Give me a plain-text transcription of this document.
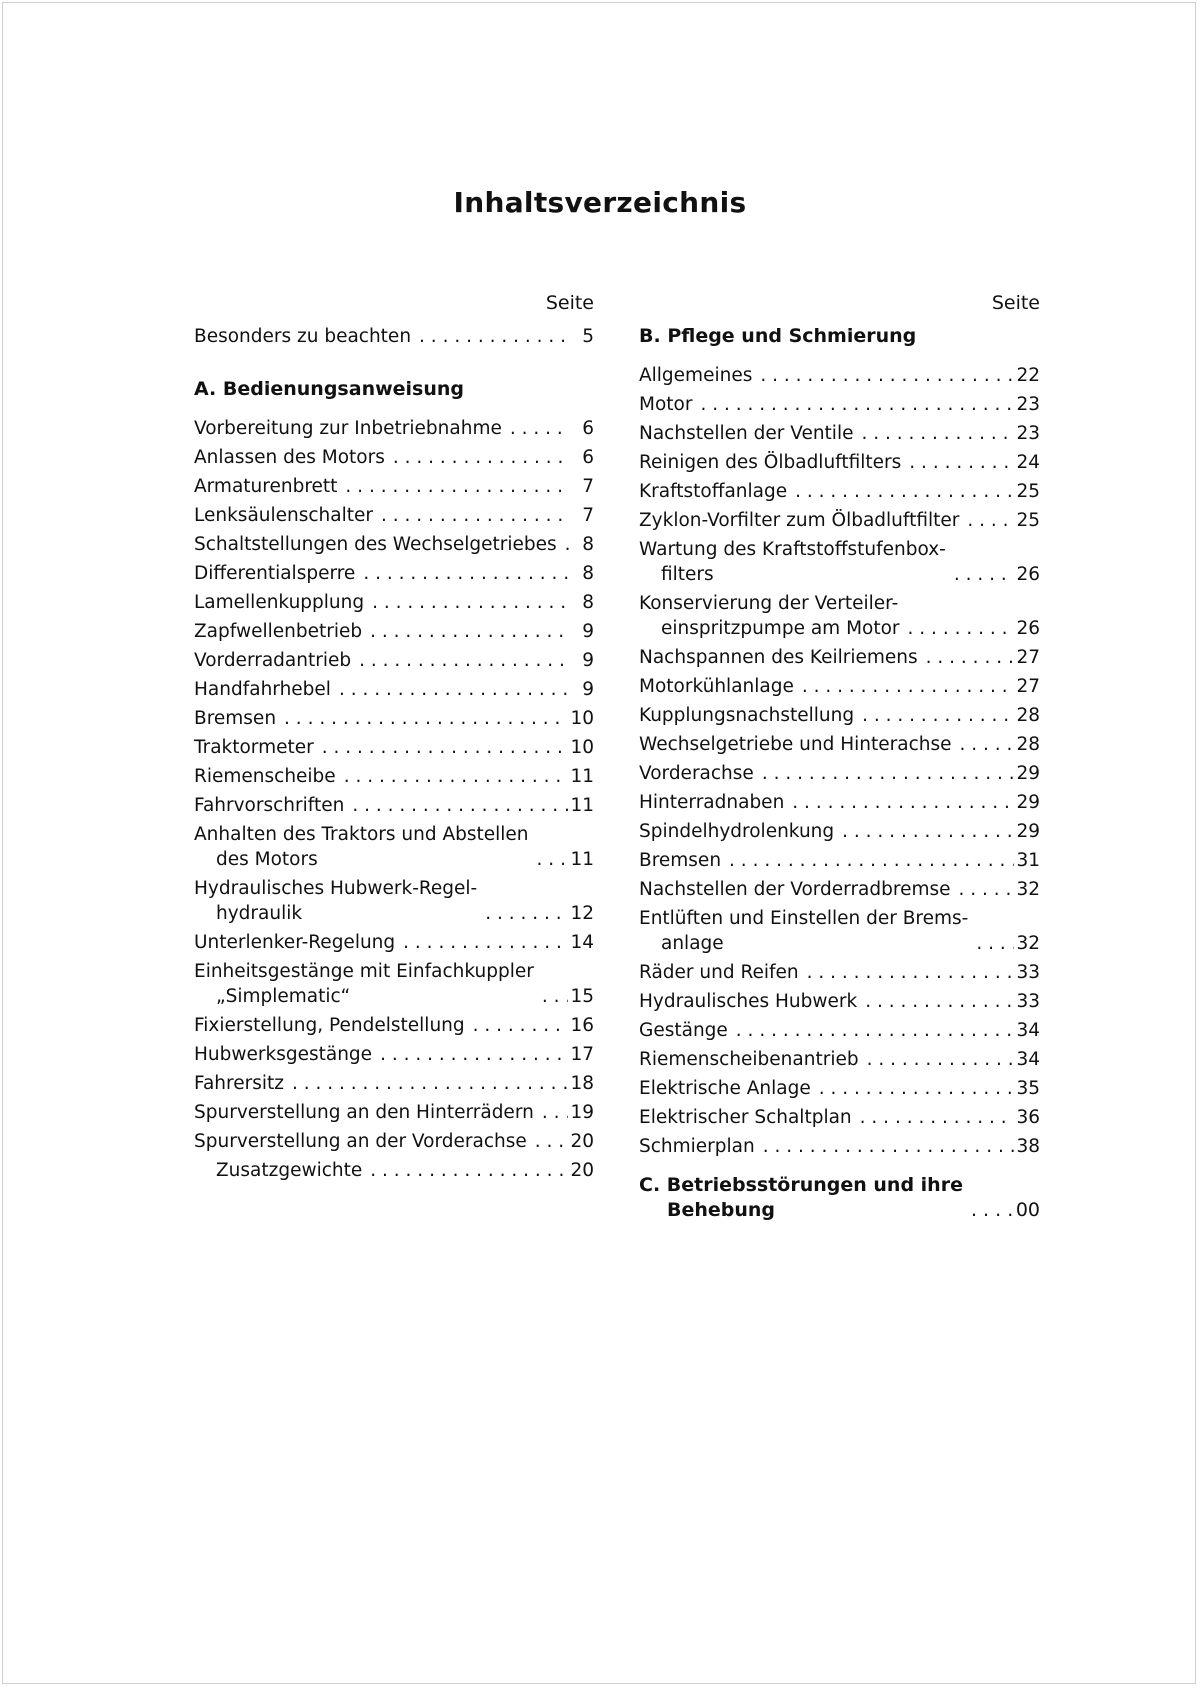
Inhaltsverzeichnis
Seite
Besonders zu beachten . . .	5
A. Bedienungsanweisung
Vorbereitung zur Inbetriebnahme . . .	6
Anlassen des Motors . . .	6
Armaturenbrett . . .	7
Lenksäulenschalter . . .	7
Schaltstellungen des Wechselgetriebes . . .	8
Differentialsperre . . .	8
Lamellenkupplung . . .	8
Zapfwellenbetrieb . . .	9
Vorderradantrieb . . .	9
Handfahrhebel . . .	9
Bremsen . . .	10
Traktormeter . . .	10
Riemenscheibe . . .	11
Fahrvorschriften . . .	11
Anhalten des Traktors und Abstellen
des Motors . . .	11
Hydraulisches Hubwerk-Regel-
hydraulik . . .	12
Unterlenker-Regelung . . .	14
Einheitsgestänge mit Einfachkuppler
„Simplematic“ . . .	15
Fixierstellung, Pendelstellung . . .	16
Hubwerksgestänge . . .	17
Fahrersitz . . .	18
Spurverstellung an den Hinterrädern . . . 19
Spurverstellung an der Vorderachse . . . 20
Zusatzgewichte . . .	20
Seite
B. Pflege und Schmierung
Allgemeines . . .	22
Motor . . .	23
Nachstellen der Ventile . . .	23
Reinigen des Ölbadluftfilters . . .	24
Kraftstoffanlage . . .	25
Zyklon-Vorfilter zum Ölbadluftfilter . . .	25
Wartung des Kraftstoffstufenbox-
filters . . .	26
Konservierung der Verteiler-
einspritzpumpe am Motor . . .	26
Nachspannen des Keilriemens . . .	27
Motorkühlanlage . . .	27
Kupplungsnachstellung . . .	28
Wechselgetriebe und Hinterachse . . .	28
Vorderachse . . .	29
Hinterradnaben . . .	29
Spindelhydrolenkung . . .	29
Bremsen . . .	31
Nachstellen der Vorderradbremse . . .	32
Entlüften und Einstellen der Brems-
anlage . . .	32
Räder und Reifen . . .	33
Hydraulisches Hubwerk . . .	33
Gestänge . . .	34
Riemenscheibenantrieb . . .	34
Elektrische Anlage . . .	35
Elektrischer Schaltplan . . .	36
Schmierplan . . .	38
C. Betriebsstörungen und ihre
Behebung . . .	00
